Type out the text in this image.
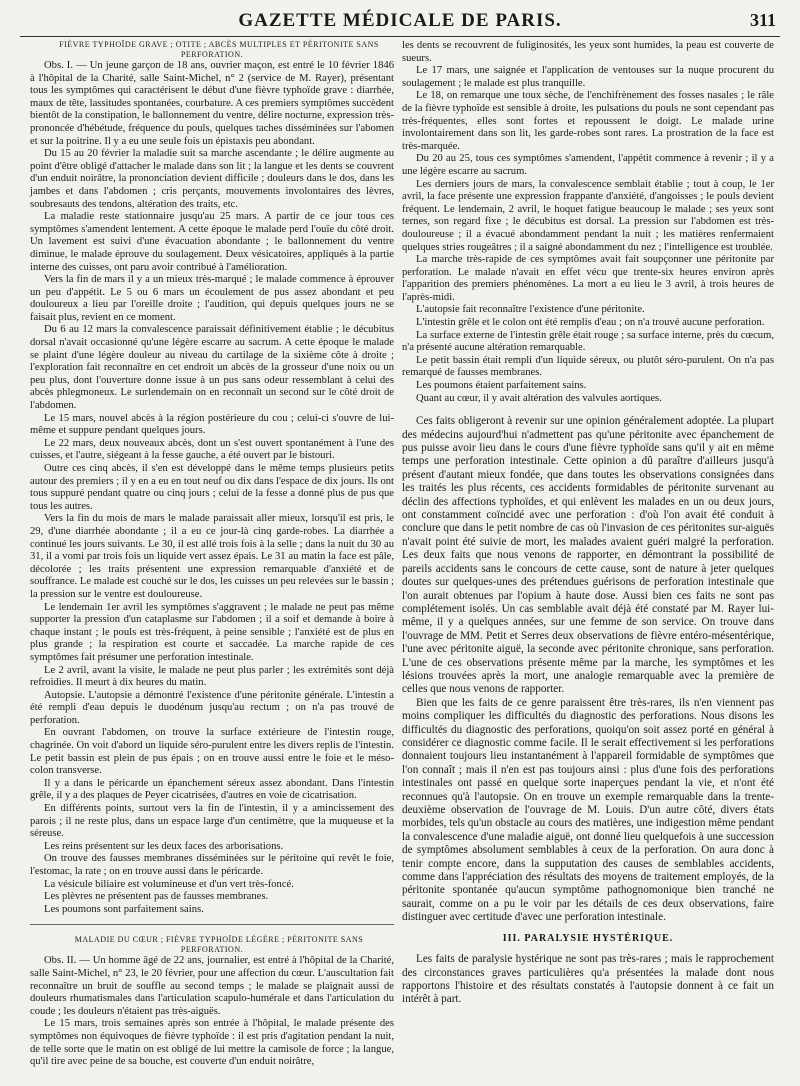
GAZETTE MÉDICALE DE PARIS.	311

FIÈVRE TYPHOÏDE GRAVE ; OTITE ; ABCÈS MULTIPLES ET PÉRITONITE SANS PERFORATION.

Obs. I. — Un jeune garçon de 18 ans, ouvrier maçon, est entré le 10 février 1846 à l'hôpital de la Charité, salle Saint-Michel, n° 2 (service de M. Rayer), présentant tous les symptômes qui caractérisent le début d'une fièvre typhoïde grave : diarrhée, maux de tête, lassitudes spontanées, courbature. A ces premiers symptômes succèdent bientôt de la constipation, le ballonnement du ventre, délire nocturne, expression très-prononcée d'hébétude, fréquence du pouls, quelques taches disséminées sur l'abomen et sur la poitrine. Il y a eu une seule fois un épistaxis peu abondant.

Du 15 au 20 février la maladie suit sa marche ascendante ; le délire augmente au point d'être obligé d'attacher le malade dans son lit ; la langue et les dents se couvrent d'un enduit noirâtre, la prononciation devient difficile ; douleurs dans le dos, dans les jambes et dans l'abdomen ; cris perçants, mouvements involontaires des lèvres, soubresauts des tendons, altération des traits, etc.

La maladie reste stationnaire jusqu'au 25 mars. A partir de ce jour tous ces symptômes s'amendent lentement. A cette époque le malade perd l'ouïe du côté droit. Un lavement est suivi d'une évacuation abondante ; le ballonnement du ventre diminue, le malade éprouve du soulagement. Deux vésicatoires, appliqués à la partie interne des cuisses, ont paru avoir contribué à l'amélioration.

Vers la fin de mars il y a un mieux très-marqué ; le malade commence à éprouver un peu d'appétit. Le 5 ou 6 mars un écoulement de pus assez abondant et peu douloureux a lieu par l'oreille droite ; l'audition, qui depuis quelques jours ne se faisait plus, revient en ce moment.

Du 6 au 12 mars la convalescence paraissait définitivement établie ; le décubitus dorsal n'avait occasionné qu'une légère escarre au sacrum. A cette époque le malade se plaint d'une légère douleur au niveau du cartilage de la sixième côte à droite ; l'exploration fait reconnaître en cet endroit un abcès de la grosseur d'une noix ou un peu plus, dont l'ouverture donne issue à un pus sans odeur ressemblant à celui des abcès phlegmoneux. Le surlendemain on en reconnaît un second sur le côté droit de l'abdomen.

Le 15 mars, nouvel abcès à la région postérieure du cou ; celui-ci s'ouvre de lui-même et suppure pendant quelques jours.

Le 22 mars, deux nouveaux abcès, dont un s'est ouvert spontanément à l'une des cuisses, et l'autre, siégeant à la fesse gauche, a été ouvert par le bistouri.

Outre ces cinq abcès, il s'en est développé dans le même temps plusieurs petits autour des premiers ; il y en a eu en tout neuf ou dix dans l'espace de dix jours. Ils ont tous suppuré pendant quatre ou cinq jours ; celui de la fesse a donné plus de pus que tous les autres.

Vers la fin du mois de mars le malade paraissait aller mieux, lorsqu'il est pris, le 29, d'une diarrhée abondante ; il a eu ce jour-là cinq garde-robes. La diarrhée a continué les jours suivants. Le 30, il est allé trois fois à la selle ; dans la nuit du 30 au 31, il a vomi par trois fois un liquide vert assez épais. Le 31 au matin la face est pâle, décolorée ; les traits présentent une expression remarquable d'anxiété et de souffrance. Le malade est couché sur le dos, les cuisses un peu relevées sur le bassin ; la pression sur le ventre est douloureuse.

Le lendemain 1er avril les symptômes s'aggravent ; le malade ne peut pas même supporter la pression d'un cataplasme sur l'abdomen ; il a soif et demande à boire à chaque instant ; le pouls est très-fréquent, à peine sensible ; l'anxiété est de plus en plus grande ; la respiration est courte et saccadée. La marche rapide de ces symptômes fait présumer une perforation intestinale.

Le 2 avril, avant la visite, le malade ne peut plus parler ; les extrémités sont déjà refroidies. Il meurt à dix heures du matin.

Autopsie. L'autopsie a démontré l'existence d'une péritonite générale. L'intestin a été rempli d'eau depuis le duodénum jusqu'au rectum ; on n'a pas trouvé de perforation.

En ouvrant l'abdomen, on trouve la surface extérieure de l'intestin rouge, chagrinée. On voit d'abord un liquide séro-purulent entre les divers replis de l'intestin. Le petit bassin est plein de pus épais ; on en trouve aussi entre le foie et le méso-colon transverse.

Il y a dans le péricarde un épanchement séreux assez abondant. Dans l'intestin grêle, il y a des plaques de Peyer cicatrisées, d'autres en voie de cicatrisation.

En différents points, surtout vers la fin de l'intestin, il y a amincissement des parois ; il ne reste plus, dans un espace large d'un centimètre, que la muqueuse et la séreuse.

Les reins présentent sur les deux faces des arborisations.

On trouve des fausses membranes disséminées sur le péritoine qui revêt le foie, l'estomac, la rate ; on en trouve aussi dans le péricarde.

La vésicule biliaire est volumineuse et d'un vert très-foncé.

Les plèvres ne présentent pas de fausses membranes.

Les poumons sont parfaitement sains.

MALADIE DU CŒUR ; FIÈVRE TYPHOÏDE LÉGÈRE ; PÉRITONITE SANS PERFORATION.

Obs. II. — Un homme âgé de 22 ans, journalier, est entré à l'hôpital de la Charité, salle Saint-Michel, n° 23, le 20 février, pour une affection du cœur. L'auscultation fait reconnaître un bruit de souffle au second temps ; le malade se plaignait aussi de douleurs rhumatismales dans l'articulation scapulo-humérale et dans l'articulation du coude ; les douleurs n'étaient pas très-aiguës.

Le 15 mars, trois semaines après son entrée à l'hôpital, le malade présente des symptômes non équivoques de fièvre typhoïde : il est pris d'agitation pendant la nuit, de telle sorte que le matin on est obligé de lui mettre la camisole de force ; la langue, qu'il tire avec peine de sa bouche, est couverte d'un enduit noirâtre,

les dents se recouvrent de fuliginosités, les yeux sont humides, la peau est couverte de sueurs.

Le 17 mars, une saignée et l'application de ventouses sur la nuque procurent du soulagement ; le malade est plus tranquille.

Le 18, on remarque une toux sèche, de l'enchifrènement des fosses nasales ; le râle de la fièvre typhoïde est sensible à droite, les pulsations du pouls ne sont cependant pas très-fréquentes, elles sont fortes et repoussent le doigt. Le malade urine involontairement dans son lit, les garde-robes sont rares. La prostration de la face est très-marquée.

Du 20 au 25, tous ces symptômes s'amendent, l'appétit commence à revenir ; il y a une légère escarre au sacrum.

Les derniers jours de mars, la convalescence semblait établie ; tout à coup, le 1er avril, la face présente une expression frappante d'anxiété, d'angoisses ; le pouls devient fréquent. Le lendemain, 2 avril, le hoquet fatigue beaucoup le malade ; ses yeux sont ternes, son regard fixe ; le décubitus est dorsal. La pression sur l'abdomen est très-douloureuse ; il a évacué abondamment pendant la nuit ; les matières renfermaient quelques stries rougeâtres ; il a saigné abondamment du nez ; l'intelligence est troublée.

La marche très-rapide de ces symptômes avait fait soupçonner une péritonite par perforation. Le malade n'avait en effet vécu que trente-six heures environ après l'apparition des premiers phénomènes. La mort a eu lieu le 3 avril, à trois heures de l'après-midi.

L'autopsie fait reconnaître l'existence d'une péritonite.

L'intestin grêle et le colon ont été remplis d'eau ; on n'a trouvé aucune perforation.

La surface externe de l'intestin grêle était rouge ; sa surface interne, près du cœcum, n'a présenté aucune altération remarquable.

Le petit bassin était rempli d'un liquide séreux, ou plutôt séro-purulent. On n'a pas remarqué de fausses membranes.

Les poumons étaient parfaitement sains.

Quant au cœur, il y avait altération des valvules aortiques.

Ces faits obligeront à revenir sur une opinion généralement adoptée. La plupart des médecins aujourd'hui n'admettent pas qu'une péritonite avec épanchement de pus puisse avoir lieu dans le cours d'une fièvre typhoïde sans qu'il y ait en même temps une perforation intestinale. Cette opinion a dû paraître d'ailleurs jusqu'à présent d'autant mieux fondée, que dans toutes les observations consignées dans les traités les plus récents, ces accidents formidables de péritonite survenant au déclin des affections typhoïdes, et qui enlèvent les malades en un ou deux jours, ont constamment coïncidé avec une perforation : d'où l'on avait été conduit à conclure que dans le petit nombre de cas où l'invasion de ces péritonites sur-aiguës n'avait point été suivie de mort, les malades avaient guéri malgré la perforation. Les deux faits que nous venons de rapporter, en démontrant la possibilité de pareils accidents sans le concours de cette cause, sont de nature à jeter quelques doutes sur quelques-unes des prétendues guérisons de perforation intestinale que l'on aurait obtenues par l'opium à haute dose. Aussi bien ces faits ne sont pas complétement isolés. Un cas semblable avait déjà été constaté par M. Rayer lui-même, il y a quelques années, sur une femme de son service. On trouve dans l'ouvrage de MM. Petit et Serres deux observations de fièvre entéro-mésentérique, l'une avec péritonite aiguë, la seconde avec péritonite chronique, sans perforation. L'une de ces observations présente même par la marche, les symptômes et les lésions trouvées après la mort, une analogie remarquable avec la première de celles que nous venons de rapporter.

Bien que les faits de ce genre paraissent être très-rares, ils n'en viennent pas moins compliquer les difficultés du diagnostic des perforations. Nous disons les difficultés du diagnostic des perforations, quoiqu'on soit assez porté en général à considérer ce diagnostic comme facile. Il le serait effectivement si les perforations donnaient toujours lieu instantanément à l'appareil formidable de symptômes que l'on connaît ; mais il n'en est pas toujours ainsi : plus d'une fois des perforations intestinales ont passé en quelque sorte inaperçues pendant la vie, et n'ont été reconnues qu'à l'autopsie. On en trouve un exemple remarquable dans la trente-deuxième observation de l'ouvrage de M. Louis. D'un autre côté, divers états morbides, tels qu'un obstacle au cours des matières, une indigestion même pendant la convalescence d'une maladie aiguë, ont donné lieu quelquefois à une succession de symptômes absolument semblables à ceux de la perforation. On aura donc à tenir compte encore, dans la supputation des causes de semblables accidents, comme dans l'appréciation des résultats des moyens de traitement employés, de la péritonite spontanée qu'aucun symptôme pathognomonique bien tranché ne saurait, comme on a pu le voir par les détails de ces deux observations, faire distinguer avec certitude d'avec une perforation intestinale.

III. PARALYSIE HYSTÉRIQUE.

Les faits de paralysie hystérique ne sont pas très-rares ; mais le rapprochement des circonstances graves particulières qu'a présentées la malade dont nous rapportons l'histoire et des résultats constatés à l'autopsie donnent à ce fait un intérêt à part.
